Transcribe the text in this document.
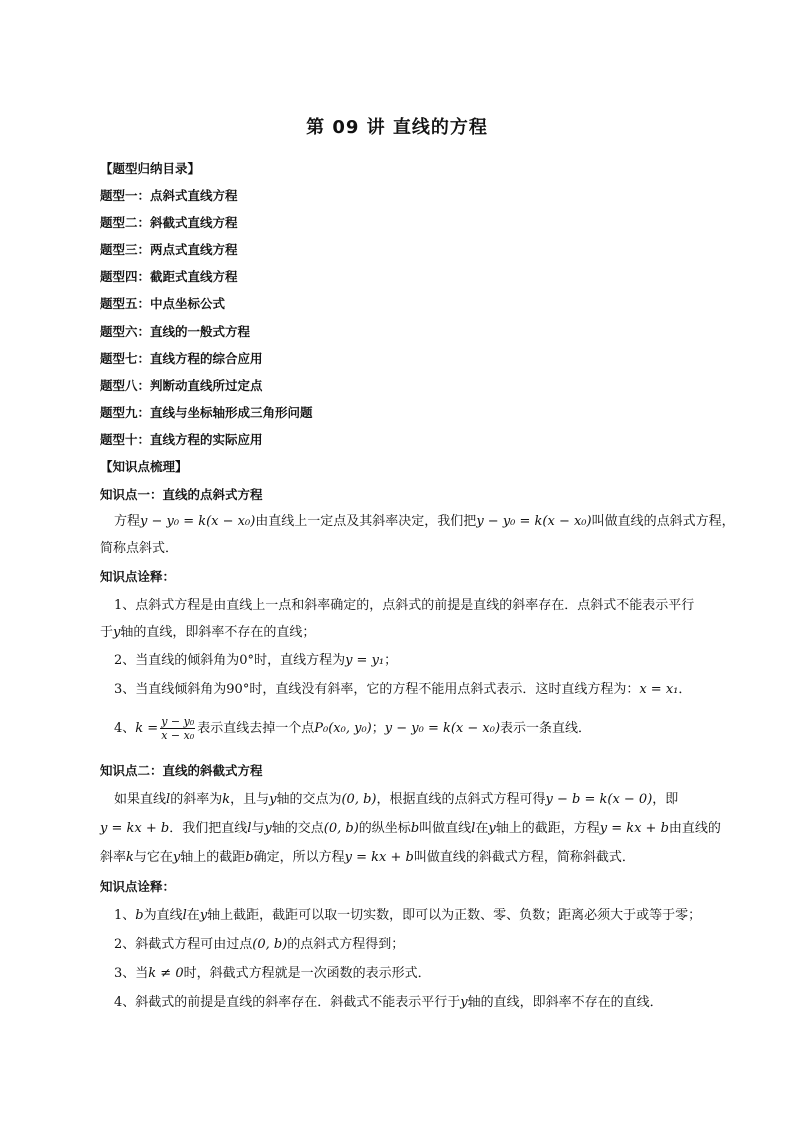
第 09 讲 直线的方程
【题型归纳目录】
题型一：点斜式直线方程
题型二：斜截式直线方程
题型三：两点式直线方程
题型四：截距式直线方程
题型五：中点坐标公式
题型六：直线的一般式方程
题型七：直线方程的综合应用
题型八：判断动直线所过定点
题型九：直线与坐标轴形成三角形问题
题型十：直线方程的实际应用
【知识点梳理】
知识点一：直线的点斜式方程
方程y − y₀ = k(x − x₀)由直线上一定点及其斜率决定，我们把y − y₀ = k(x − x₀)叫做直线的点斜式方程，
简称点斜式．
知识点诠释：
1、点斜式方程是由直线上一点和斜率确定的，点斜式的前提是直线的斜率存在．点斜式不能表示平行
于y轴的直线，即斜率不存在的直线；
2、当直线的倾斜角为0°时，直线方程为y = y₁；
3、当直线倾斜角为90°时，直线没有斜率，它的方程不能用点斜式表示．这时直线方程为：x = x₁．
4、$k = \frac{\text{y − y₀}}{\text{x − x₀}}$ 表示直线去掉一个点P₀(x₀, y₀)；y − y₀ = k(x − x₀)表示一条直线．
知识点二：直线的斜截式方程
如果直线l的斜率为k，且与y轴的交点为(0, b)，根据直线的点斜式方程可得y − b = k(x − 0)，即
y = kx + b．我们把直线l与y轴的交点(0, b)的纵坐标b叫做直线l在y轴上的截距，方程y = kx + b由直线的
斜率k与它在y轴上的截距b确定，所以方程y = kx + b叫做直线的斜截式方程，简称斜截式．
知识点诠释：
1、b为直线l在y轴上截距，截距可以取一切实数，即可以为正数、零、负数；距离必须大于或等于零；
2、斜截式方程可由过点(0, b)的点斜式方程得到；
3、当k ≠ 0时，斜截式方程就是一次函数的表示形式．
4、斜截式的前提是直线的斜率存在．斜截式不能表示平行于y轴的直线，即斜率不存在的直线．
